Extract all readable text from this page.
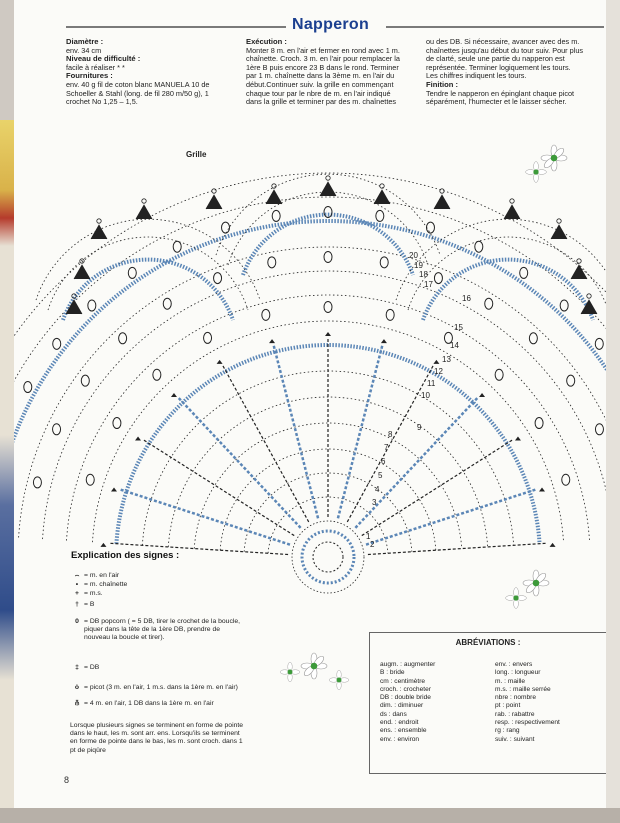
Napperon
Diamètre :
env. 34 cm
Niveau de difficulté :
facile à réaliser * *
Fournitures :
env. 40 g fil de coton blanc MANUELA 10 de
Schoeller & Stahl (long. de fil 280 m/50 g), 1
crochet No 1,25 – 1,5.
Exécution :
Monter 8 m. en l'air et fermer en rond avec 1 m.
chaînette. Croch. 3 m. en l'air pour remplacer la
1ère B puis encore 23 B dans le rond. Terminer
par 1 m. chaînette dans la 3ème m. en l'air du
début.Continuer suiv. la grille en commençant
chaque tour par le nbre de m. en l'air indiqué
dans la grille et terminer par des m. chaînettes
ou des DB. Si nécessaire, avancer avec des m.
chaînettes jusqu'au début du tour suiv. Pour plus
de clarté, seule une partie du napperon est
représentée. Terminer logiquement les tours.
Les chiffres indiquent les tours.
Finition :
Tendre le napperon en épinglant chaque picot
séparément, l'humecter et le laisser sécher.
Grille
1
2
3
4
5
6
7
8
9
10
11
12
13
14
15
16
17
18
19
20
Explication des signes :
⌢ = m. en l'air
• = m. chaînette
+ = m.s.
† = B
0 = DB popcorn ( = 5 DB, tirer le crochet de la boucle,
piquer dans la tête de la 1ère DB, prendre de
nouveau la boucle et tirer).
‡ = DB
ȯ = picot (3 m. en l'air, 1 m.s. dans la 1ère m. en l'air)
⫚ = 4 m. en l'air, 1 DB dans la 1ère m. en l'air
Lorsque plusieurs signes se terminent en forme de pointe
dans le haut, les m. sont arr. ens. Lorsqu'ils se terminent
en forme de pointe dans le bas, les m. sont croch. dans 1
pt de piqûre
ABRÉVIATIONS :
augm. : augmenter
B : bride
cm : centimètre
croch. : crocheter
DB : double bride
dim. : diminuer
ds : dans
end. : endroit
ens. : ensemble
env. : environ
env. : envers
long. : longueur
m. : maille
m.s. : maille serrée
nbre : nombre
pt : point
rab. : rabattre
resp. : respectivement
rg : rang
suiv. : suivant
8
